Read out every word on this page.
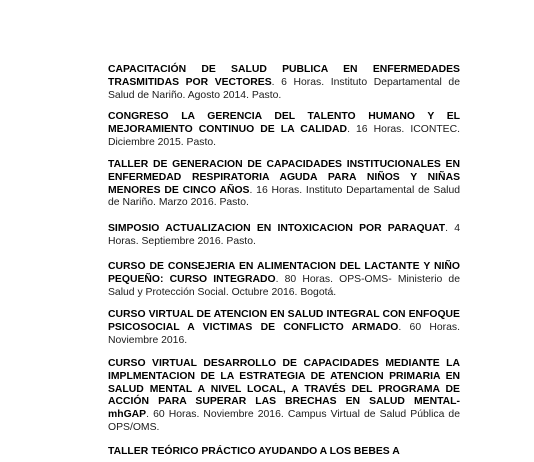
CAPACITACIÓN DE SALUD PUBLICA EN ENFERMEDADES TRASMITIDAS POR VECTORES. 6 Horas. Instituto Departamental de Salud de Nariño. Agosto 2014. Pasto.

CONGRESO LA GERENCIA DEL TALENTO HUMANO Y EL MEJORAMIENTO CONTINUO DE LA CALIDAD. 16 Horas. ICONTEC. Diciembre 2015. Pasto.

TALLER DE GENERACION DE CAPACIDADES INSTITUCIONALES EN ENFERMEDAD RESPIRATORIA AGUDA PARA NIÑOS Y NIÑAS MENORES DE CINCO AÑOS. 16 Horas. Instituto Departamental de Salud de Nariño. Marzo 2016. Pasto.

SIMPOSIO ACTUALIZACION EN INTOXICACION POR PARAQUAT. 4 Horas. Septiembre 2016. Pasto.

CURSO DE CONSEJERIA EN ALIMENTACION DEL LACTANTE Y NIÑO PEQUEÑO: CURSO INTEGRADO. 80 Horas. OPS-OMS- Ministerio de Salud y Protección Social. Octubre 2016. Bogotá.

CURSO VIRTUAL DE ATENCION EN SALUD INTEGRAL CON ENFOQUE PSICOSOCIAL A VICTIMAS DE CONFLICTO ARMADO. 60 Horas. Noviembre 2016.

CURSO VIRTUAL DESARROLLO DE CAPACIDADES MEDIANTE LA IMPLMENTACION DE LA ESTRATEGIA DE ATENCION PRIMARIA EN SALUD MENTAL A NIVEL LOCAL, A TRAVÉS DEL PROGRAMA DE ACCIÓN PARA SUPERAR LAS BRECHAS EN SALUD MENTAL- mhGAP. 60 Horas. Noviembre 2016. Campus Virtual de Salud Pública de OPS/OMS.

TALLER TEÓRICO PRÁCTICO AYUDANDO A LOS BEBES A
